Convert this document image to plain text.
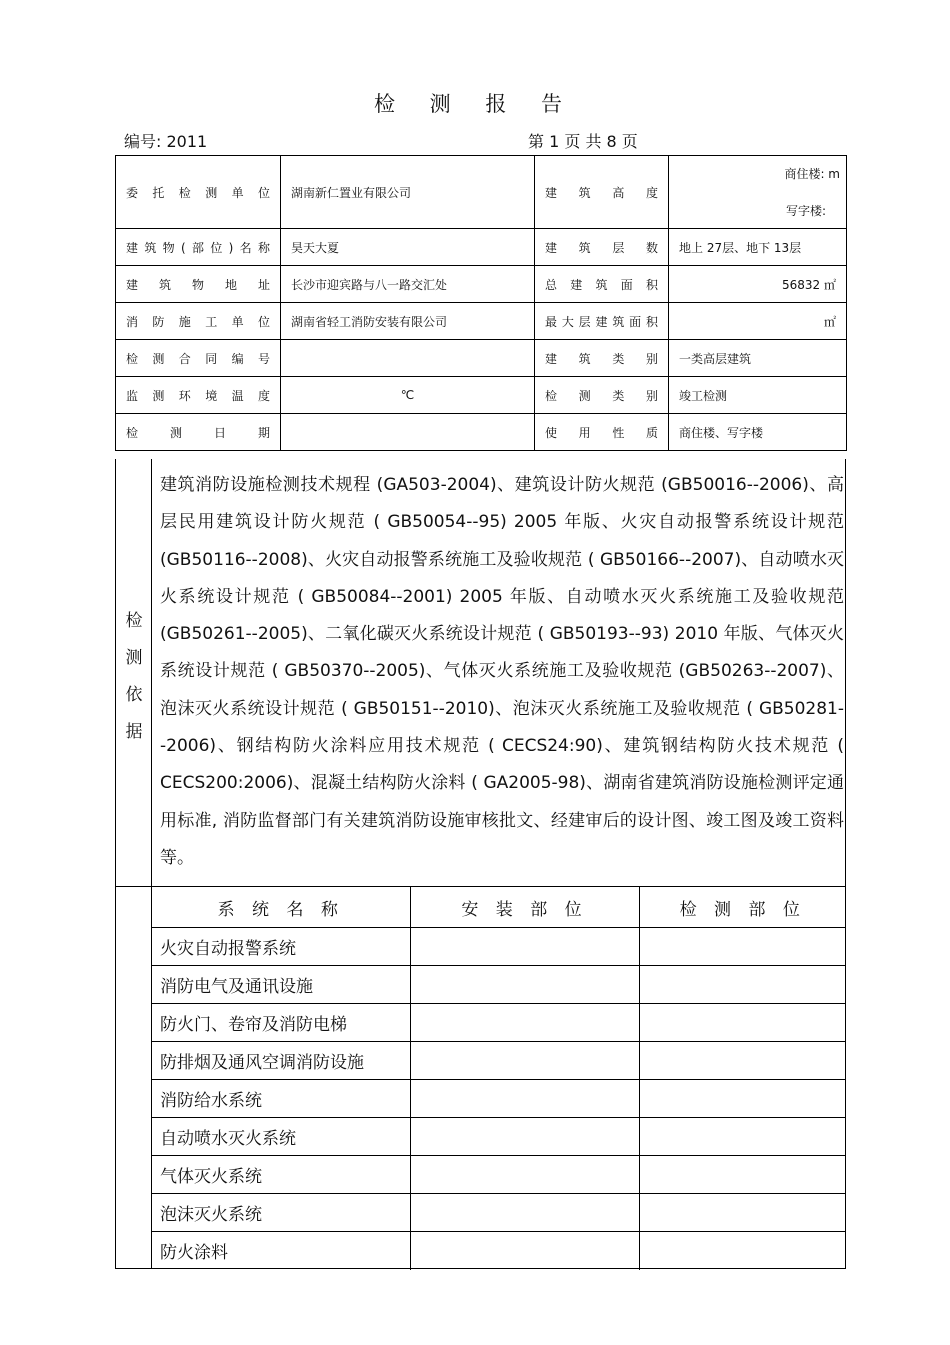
检 测 报 告
编号: 2011	第 1 页 共 8 页
委托检测单位	湖南新仁置业有限公司	建筑高度	商住楼: m
写字楼:

建筑物(部位)名称	昊天大夏	建筑层数	地上 27层、地下 13层
建筑物地址	长沙市迎宾路与八一路交汇处	总建筑面积	56832 ㎡
消防施工单位	湖南省轻工消防安装有限公司	最大层建筑面积	㎡
检测合同编号		建筑类别	一类高层建筑
监测环境温度	℃	检测类别	竣工检测
检测日期		使用性质	商住楼、写字楼
检
测
依
据
建筑消防设施检测技术规程 (GA503-2004)、建筑设计防火规范 (GB50016--2006)、高层民用建筑设计防火规范 ( GB50054--95) 2005 年版、火灾自动报警系统设计规范 (GB50116--2008)、火灾自动报警系统施工及验收规范 ( GB50166--2007)、自动喷水灭火系统设计规范 ( GB50084--2001) 2005 年版、自动喷水灭火系统施工及验收规范 (GB50261--2005)、二氧化碳灭火系统设计规范 ( GB50193--93) 2010 年版、气体灭火系统设计规范 ( GB50370--2005)、气体灭火系统施工及验收规范 (GB50263--2007)、泡沫灭火系统设计规范 ( GB50151--2010)、泡沫灭火系统施工及验收规范 ( GB50281--2006)、钢结构防火涂料应用技术规范 ( CECS24:90)、建筑钢结构防火技术规范 ( CECS200:2006)、混凝土结构防火涂料 ( GA2005-98)、湖南省建筑消防设施检测评定通用标准, 消防监督部门有关建筑消防设施审核批文、经建审后的设计图、竣工图及竣工资料等。
系 统 名 称	安 装 部 位	检 测 部 位
火灾自动报警系统		
消防电气及通讯设施		
防火门、卷帘及消防电梯		
防排烟及通风空调消防设施		
消防给水系统		
自动喷水灭火系统		
气体灭火系统		
泡沫灭火系统		
防火涂料		
